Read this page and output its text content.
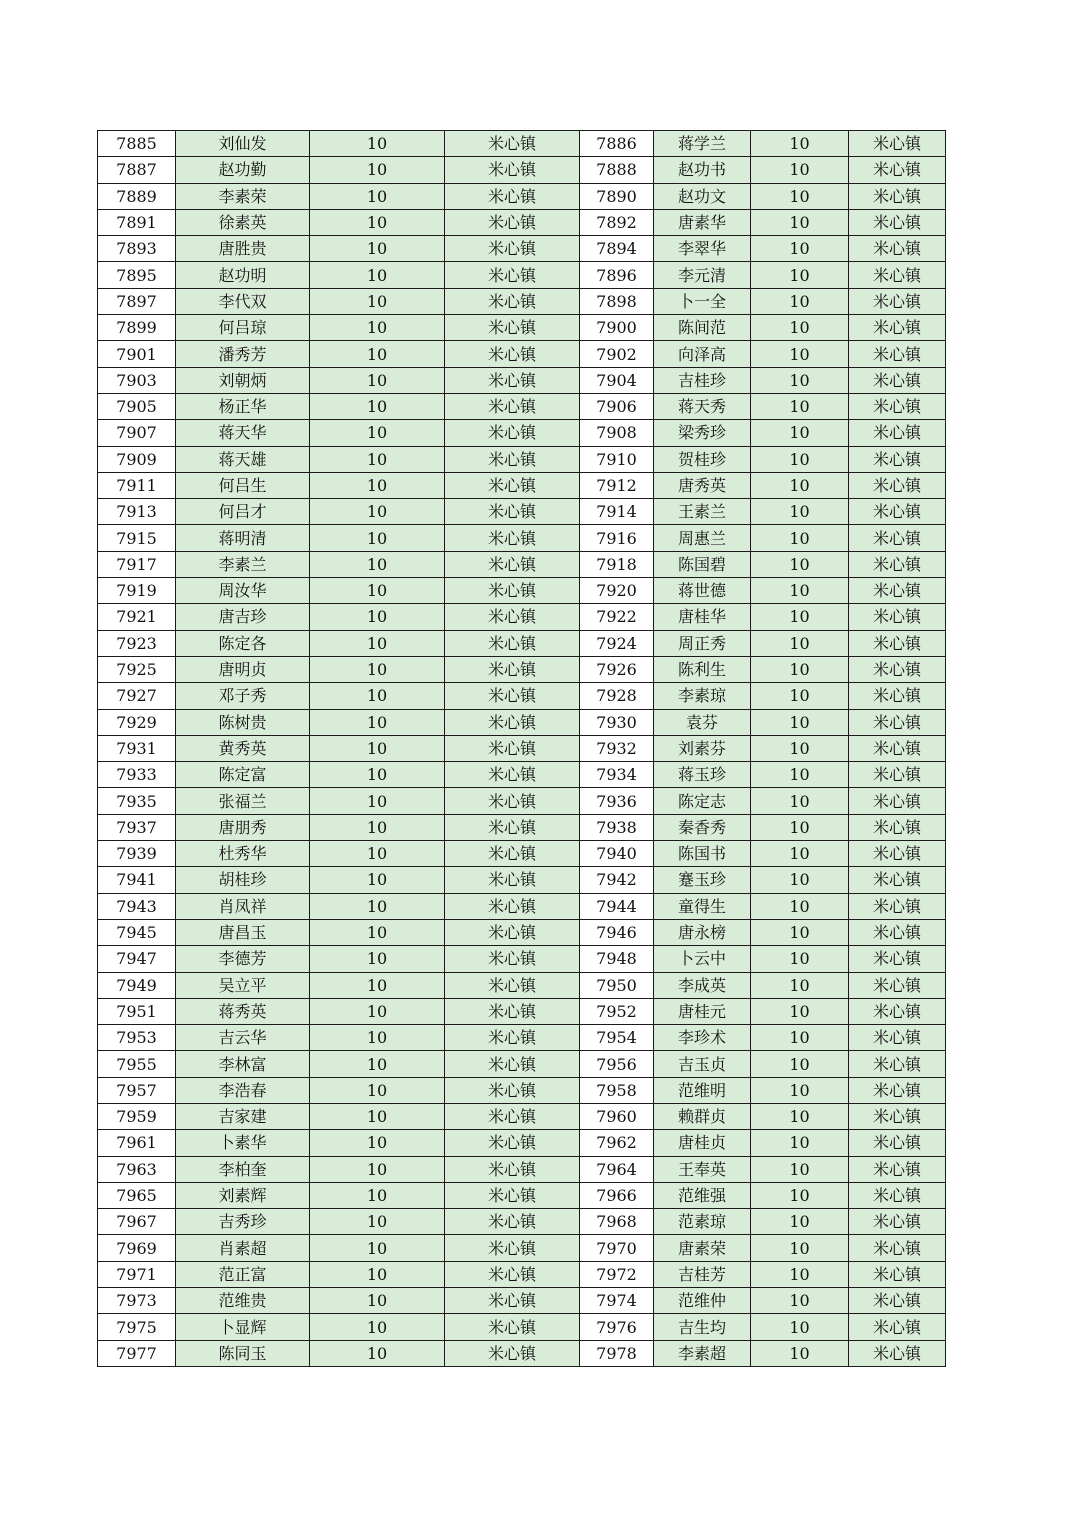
7885	刘仙发	10	米心镇	7886	蒋学兰	10	米心镇
7887	赵功勤	10	米心镇	7888	赵功书	10	米心镇
7889	李素荣	10	米心镇	7890	赵功文	10	米心镇
7891	徐素英	10	米心镇	7892	唐素华	10	米心镇
7893	唐胜贵	10	米心镇	7894	李翠华	10	米心镇
7895	赵功明	10	米心镇	7896	李元清	10	米心镇
7897	李代双	10	米心镇	7898	卜一全	10	米心镇
7899	何吕琼	10	米心镇	7900	陈间范	10	米心镇
7901	潘秀芳	10	米心镇	7902	向泽高	10	米心镇
7903	刘朝炳	10	米心镇	7904	吉桂珍	10	米心镇
7905	杨正华	10	米心镇	7906	蒋天秀	10	米心镇
7907	蒋天华	10	米心镇	7908	梁秀珍	10	米心镇
7909	蒋天雄	10	米心镇	7910	贺桂珍	10	米心镇
7911	何吕生	10	米心镇	7912	唐秀英	10	米心镇
7913	何吕才	10	米心镇	7914	王素兰	10	米心镇
7915	蒋明清	10	米心镇	7916	周惠兰	10	米心镇
7917	李素兰	10	米心镇	7918	陈国碧	10	米心镇
7919	周汝华	10	米心镇	7920	蒋世德	10	米心镇
7921	唐吉珍	10	米心镇	7922	唐桂华	10	米心镇
7923	陈定各	10	米心镇	7924	周正秀	10	米心镇
7925	唐明贞	10	米心镇	7926	陈利生	10	米心镇
7927	邓子秀	10	米心镇	7928	李素琼	10	米心镇
7929	陈树贵	10	米心镇	7930	袁芬	10	米心镇
7931	黄秀英	10	米心镇	7932	刘素芬	10	米心镇
7933	陈定富	10	米心镇	7934	蒋玉珍	10	米心镇
7935	张福兰	10	米心镇	7936	陈定志	10	米心镇
7937	唐朋秀	10	米心镇	7938	秦香秀	10	米心镇
7939	杜秀华	10	米心镇	7940	陈国书	10	米心镇
7941	胡桂珍	10	米心镇	7942	蹇玉珍	10	米心镇
7943	肖凤祥	10	米心镇	7944	童得生	10	米心镇
7945	唐昌玉	10	米心镇	7946	唐永榜	10	米心镇
7947	李德芳	10	米心镇	7948	卜云中	10	米心镇
7949	吴立平	10	米心镇	7950	李成英	10	米心镇
7951	蒋秀英	10	米心镇	7952	唐桂元	10	米心镇
7953	吉云华	10	米心镇	7954	李珍术	10	米心镇
7955	李林富	10	米心镇	7956	吉玉贞	10	米心镇
7957	李浩春	10	米心镇	7958	范维明	10	米心镇
7959	吉家建	10	米心镇	7960	赖群贞	10	米心镇
7961	卜素华	10	米心镇	7962	唐桂贞	10	米心镇
7963	李柏奎	10	米心镇	7964	王奉英	10	米心镇
7965	刘素辉	10	米心镇	7966	范维强	10	米心镇
7967	吉秀珍	10	米心镇	7968	范素琼	10	米心镇
7969	肖素超	10	米心镇	7970	唐素荣	10	米心镇
7971	范正富	10	米心镇	7972	吉桂芳	10	米心镇
7973	范维贵	10	米心镇	7974	范维仲	10	米心镇
7975	卜显辉	10	米心镇	7976	吉生均	10	米心镇
7977	陈同玉	10	米心镇	7978	李素超	10	米心镇
